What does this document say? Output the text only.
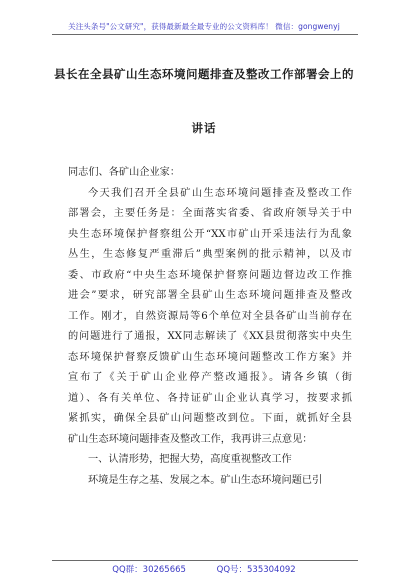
关注头条号"公文研究"，获得最新最全最专业的公文资料库！ 微信：gongwenyj
县长在全县矿山生态环境问题排查及整改工作部署会上的
讲话
同志们、各矿山企业家：
今天我们召开全县矿山生态环境问题排查及整改工作
部署会，主要任务是：全面落实省委、省政府领导关于中
央生态环境保护督察组公开“XX市矿山开采违法行为乱象
丛生，生态修复严重滞后”典型案例的批示精神，以及市
委、市政府“中央生态环境保护督察问题边督边改工作推
进会”要求，研究部署全县矿山生态环境问题排查及整改
工作。刚才，自然资源局等6个单位对全县各矿山当前存在
的问题进行了通报，XX同志解读了《XX县贯彻落实中央生
态环境保护督察反馈矿山生态环境问题整改工作方案》并
宣布了《关于矿山企业停产整改通报》。请各乡镇（街
道）、各有关单位、各持证矿山企业认真学习，按要求抓
紧抓实，确保全县矿山问题整改到位。下面，就抓好全县
矿山生态环境问题排查及整改工作，我再讲三点意见：
一、认清形势，把握大势，高度重视整改工作
环境是生存之基、发展之本。矿山生态环境问题已引
QQ群：30265665	QQ号：535304092
